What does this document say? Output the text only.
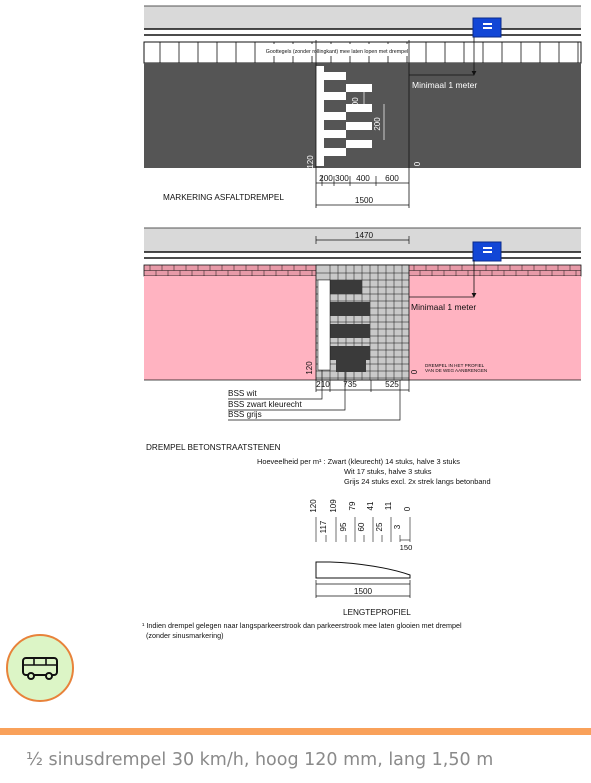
Goottegels (zonder rollingkant) mee laten lopen met drempel
100
200
120	0
Minimaal 1 meter
200 300 400 600
1500
MARKERING ASFALTDREMPEL
1470
Minimaal 1 meter
DREMPEL IN HET PROFIEL
VAN DE WEG AANBRENGEN
120	0
210 735	525
BSS wit
BSS zwart kleurecht
BSS grijs
DREMPEL BETONSTRAATSTENEN
Hoeveelheid per m¹ : Zwart (kleurecht) 14 stuks, halve 3 stuks
Wit 17 stuks, halve 3 stuks
Grijs 24 stuks excl. 2x strek langs betonband
120
117
109
95
79
60
41
25
11
3
0
150
1500
LENGTEPROFIEL
¹ Indien drempel gelegen naar langsparkeerstrook dan parkeerstrook mee laten glooien met drempel
(zonder sinusmarkering)
½ sinusdrempel 30 km/h, hoog 120 mm, lang 1,50 m
